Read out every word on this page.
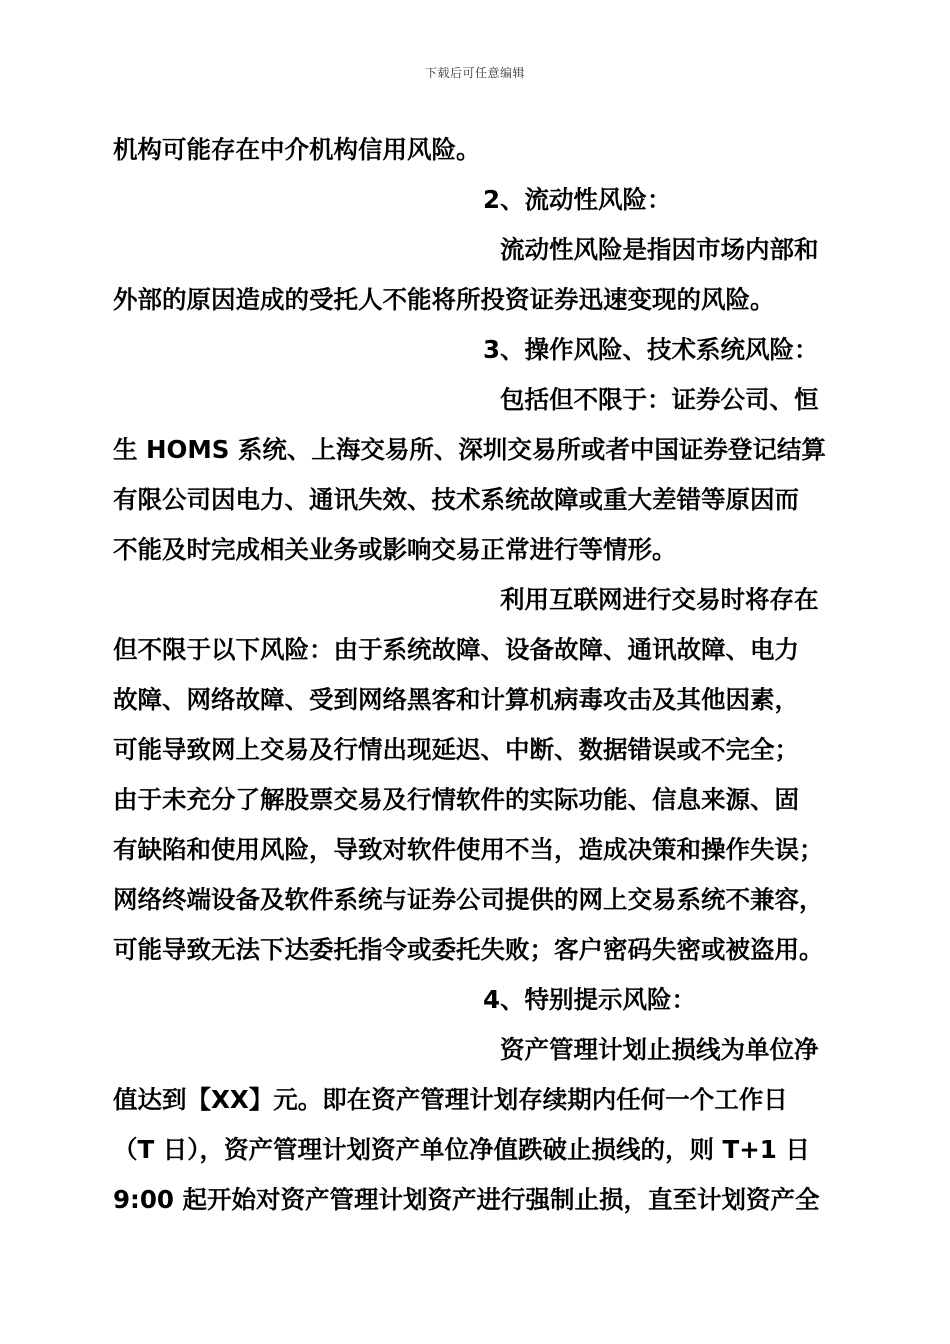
下载后可任意编辑
机构可能存在中介机构信用风险。
2、流动性风险：
流动性风险是指因市场内部和
外部的原因造成的受托人不能将所投资证券迅速变现的风险。
3、操作风险、技术系统风险：
包括但不限于：证券公司、恒
生 HOMS 系统、上海交易所、深圳交易所或者中国证券登记结算
有限公司因电力、通讯失效、技术系统故障或重大差错等原因而
不能及时完成相关业务或影响交易正常进行等情形。
利用互联网进行交易时将存在
但不限于以下风险：由于系统故障、设备故障、通讯故障、电力
故障、网络故障、受到网络黑客和计算机病毒攻击及其他因素，
可能导致网上交易及行情出现延迟、中断、数据错误或不完全；
由于未充分了解股票交易及行情软件的实际功能、信息来源、固
有缺陷和使用风险，导致对软件使用不当，造成决策和操作失误；
网络终端设备及软件系统与证券公司提供的网上交易系统不兼容，
可能导致无法下达委托指令或委托失败；客户密码失密或被盗用。
4、特别提示风险：
资产管理计划止损线为单位净
值达到【XX】元。即在资产管理计划存续期内任何一个工作日
（T 日），资产管理计划资产单位净值跌破止损线的，则 T+1 日
9:00 起开始对资产管理计划资产进行强制止损，直至计划资产全
